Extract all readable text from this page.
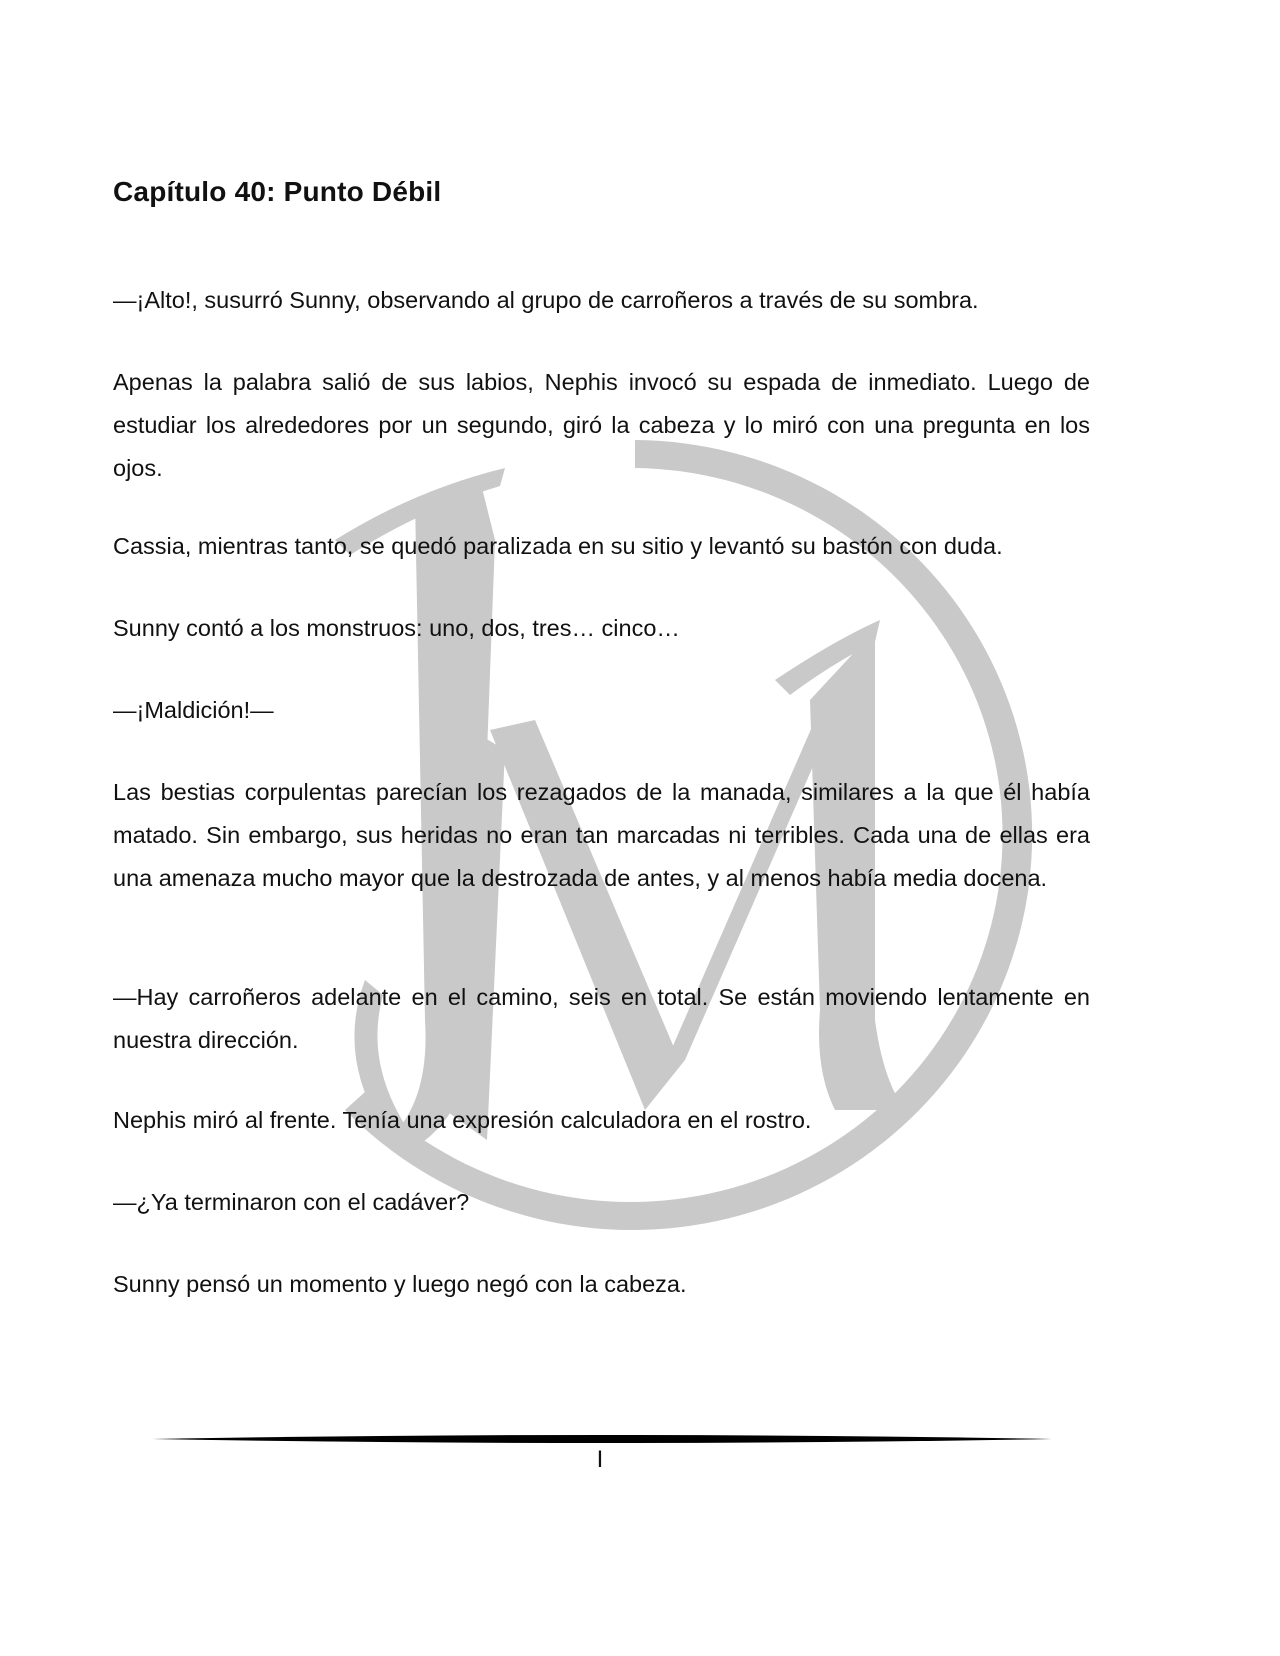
Capítulo 40: Punto Débil

—¡Alto!, susurró Sunny, observando al grupo de carroñeros a través de su sombra.

Apenas la palabra salió de sus labios, Nephis invocó su espada de inmediato. Luego de estudiar los alrededores por un segundo, giró la cabeza y lo miró con una pregunta en los ojos.

Cassia, mientras tanto, se quedó paralizada en su sitio y levantó su bastón con duda.

Sunny contó a los monstruos: uno, dos, tres… cinco…

—¡Maldición!—

Las bestias corpulentas parecían los rezagados de la manada, similares a la que él había matado. Sin embargo, sus heridas no eran tan marcadas ni terribles. Cada una de ellas era una amenaza mucho mayor que la destrozada de antes, y al menos había media docena.

—Hay carroñeros adelante en el camino, seis en total. Se están moviendo lentamente en nuestra dirección.

Nephis miró al frente. Tenía una expresión calculadora en el rostro.

—¿Ya terminaron con el cadáver?

Sunny pensó un momento y luego negó con la cabeza.

I
